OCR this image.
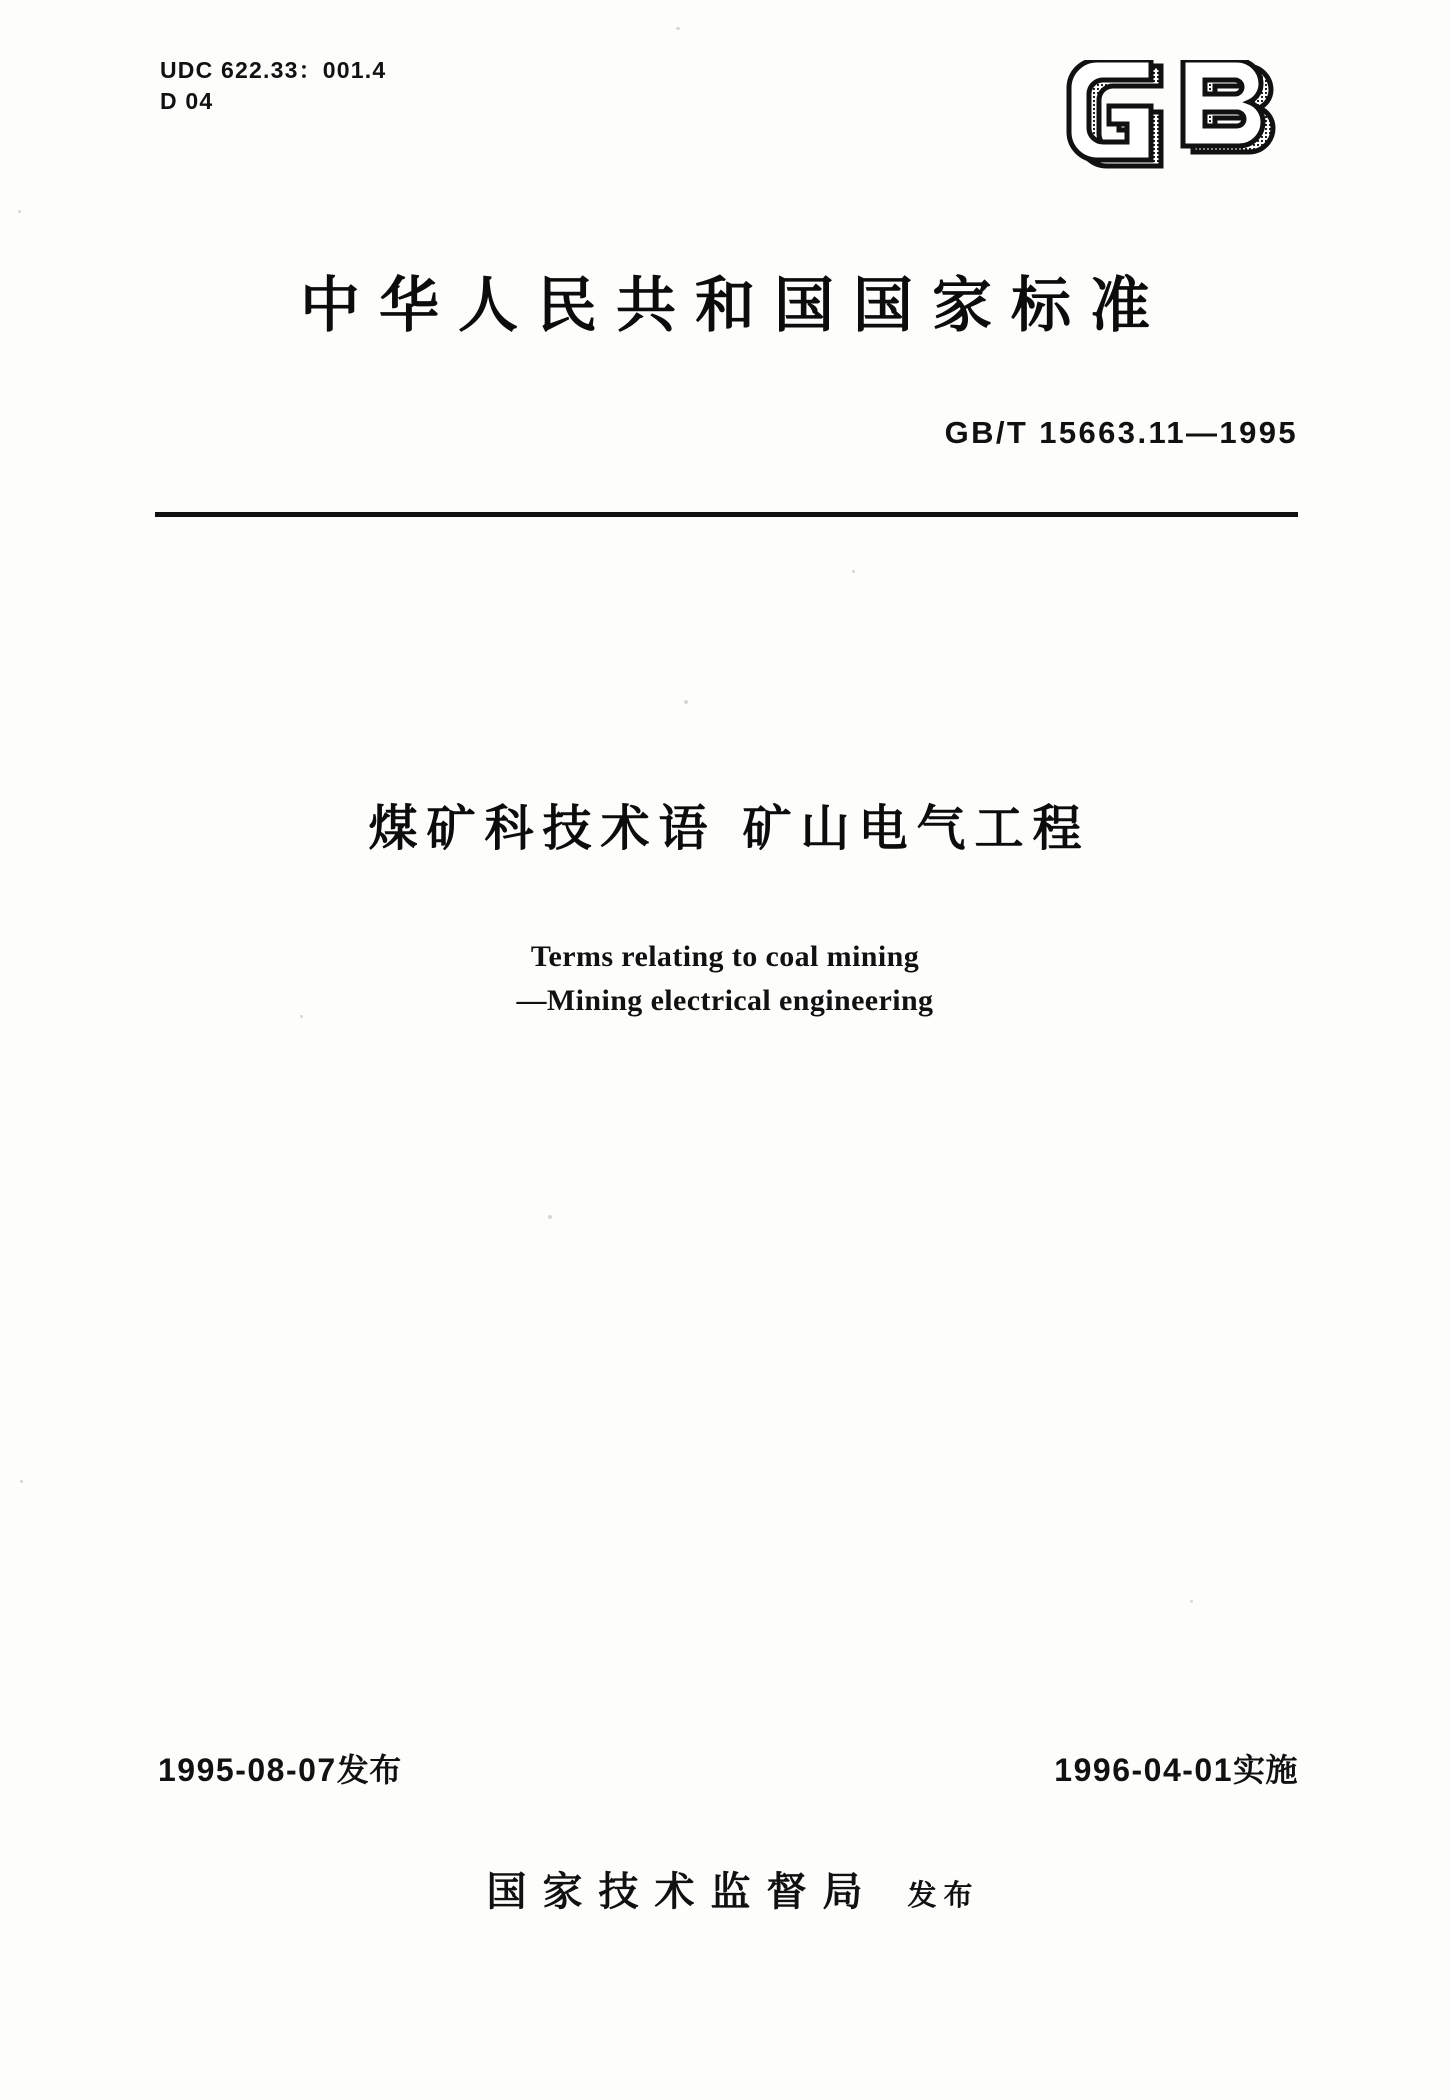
UDC 622.33：001.4
D 04
中华人民共和国国家标准
GB/T 15663.11—1995
煤矿科技术语 矿山电气工程
Terms relating to coal mining
—Mining electrical engineering
1995-08-07发布	1996-04-01实施
国家技术监督局 发布
